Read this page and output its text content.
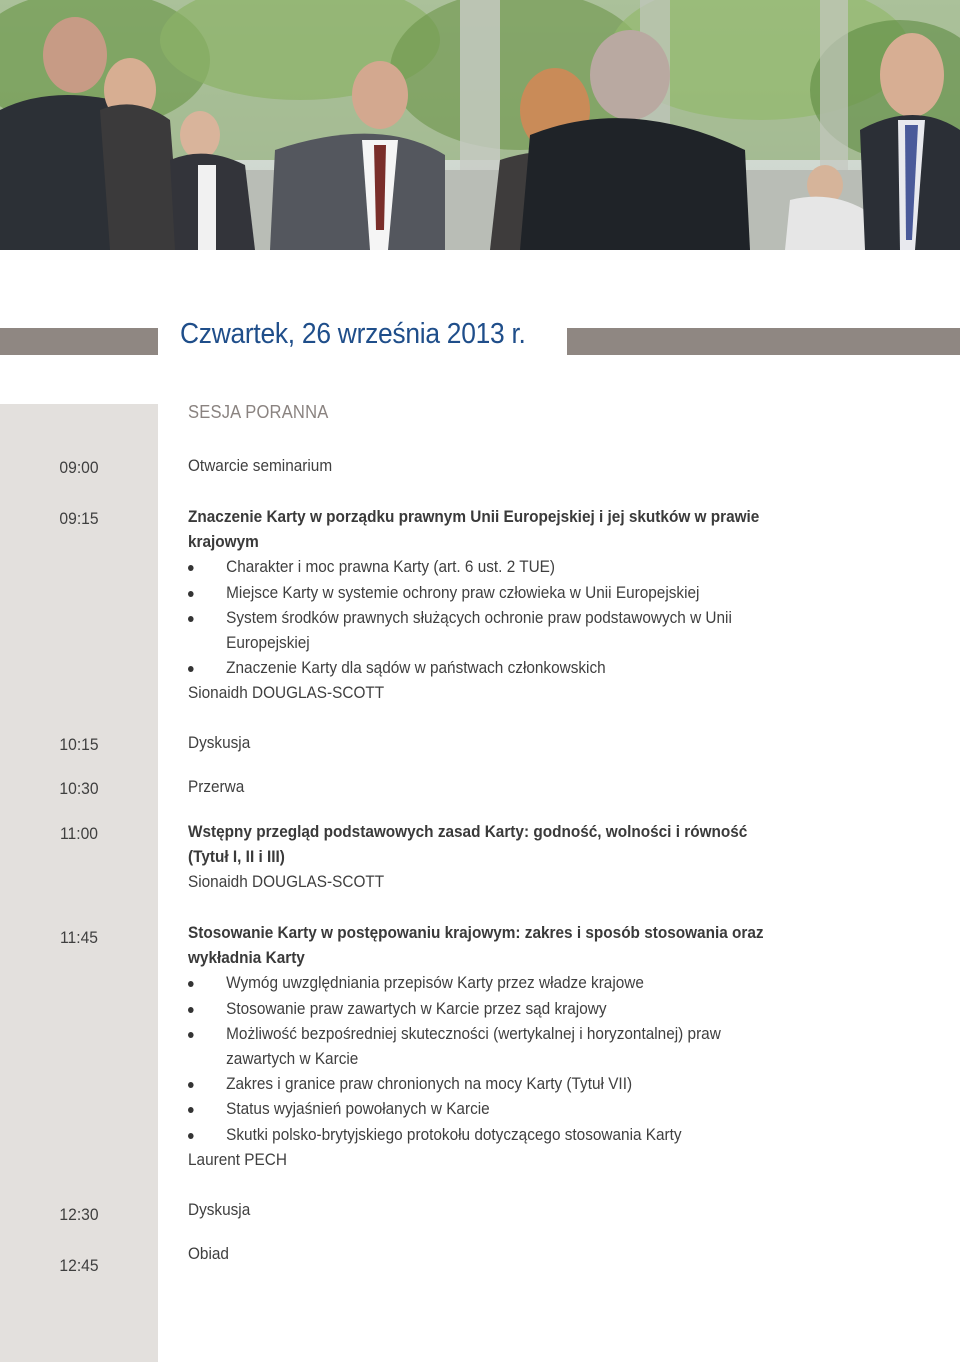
Czwartek, 26 września 2013 r.
09:00
09:15
10:15
10:30
11:00
11:45
12:30
12:45
SESJA PORANNA
Otwarcie seminarium
Znaczenie Karty w porządku prawnym Unii Europejskiej i jej skutków w prawie
krajowym
Charakter i moc prawna Karty (art. 6 ust. 2 TUE)
Miejsce Karty w systemie ochrony praw człowieka w Unii Europejskiej
System środków prawnych służących ochronie praw podstawowych w Unii
Europejskiej
Znaczenie Karty dla sądów w państwach członkowskich
Sionaidh DOUGLAS-SCOTT
Dyskusja
Przerwa
Wstępny przegląd podstawowych zasad Karty: godność, wolności i równość
(Tytuł I, II i III)
Sionaidh DOUGLAS-SCOTT
Stosowanie Karty w postępowaniu krajowym: zakres i sposób stosowania oraz
wykładnia Karty
Wymóg uwzględniania przepisów Karty przez władze krajowe
Stosowanie praw zawartych w Karcie przez sąd krajowy
Możliwość bezpośredniej skuteczności (wertykalnej i horyzontalnej) praw
zawartych w Karcie
Zakres i granice praw chronionych na mocy Karty (Tytuł VII)
Status wyjaśnień powołanych w Karcie
Skutki polsko-brytyjskiego protokołu dotyczącego stosowania Karty
Laurent PECH
Dyskusja
Obiad
